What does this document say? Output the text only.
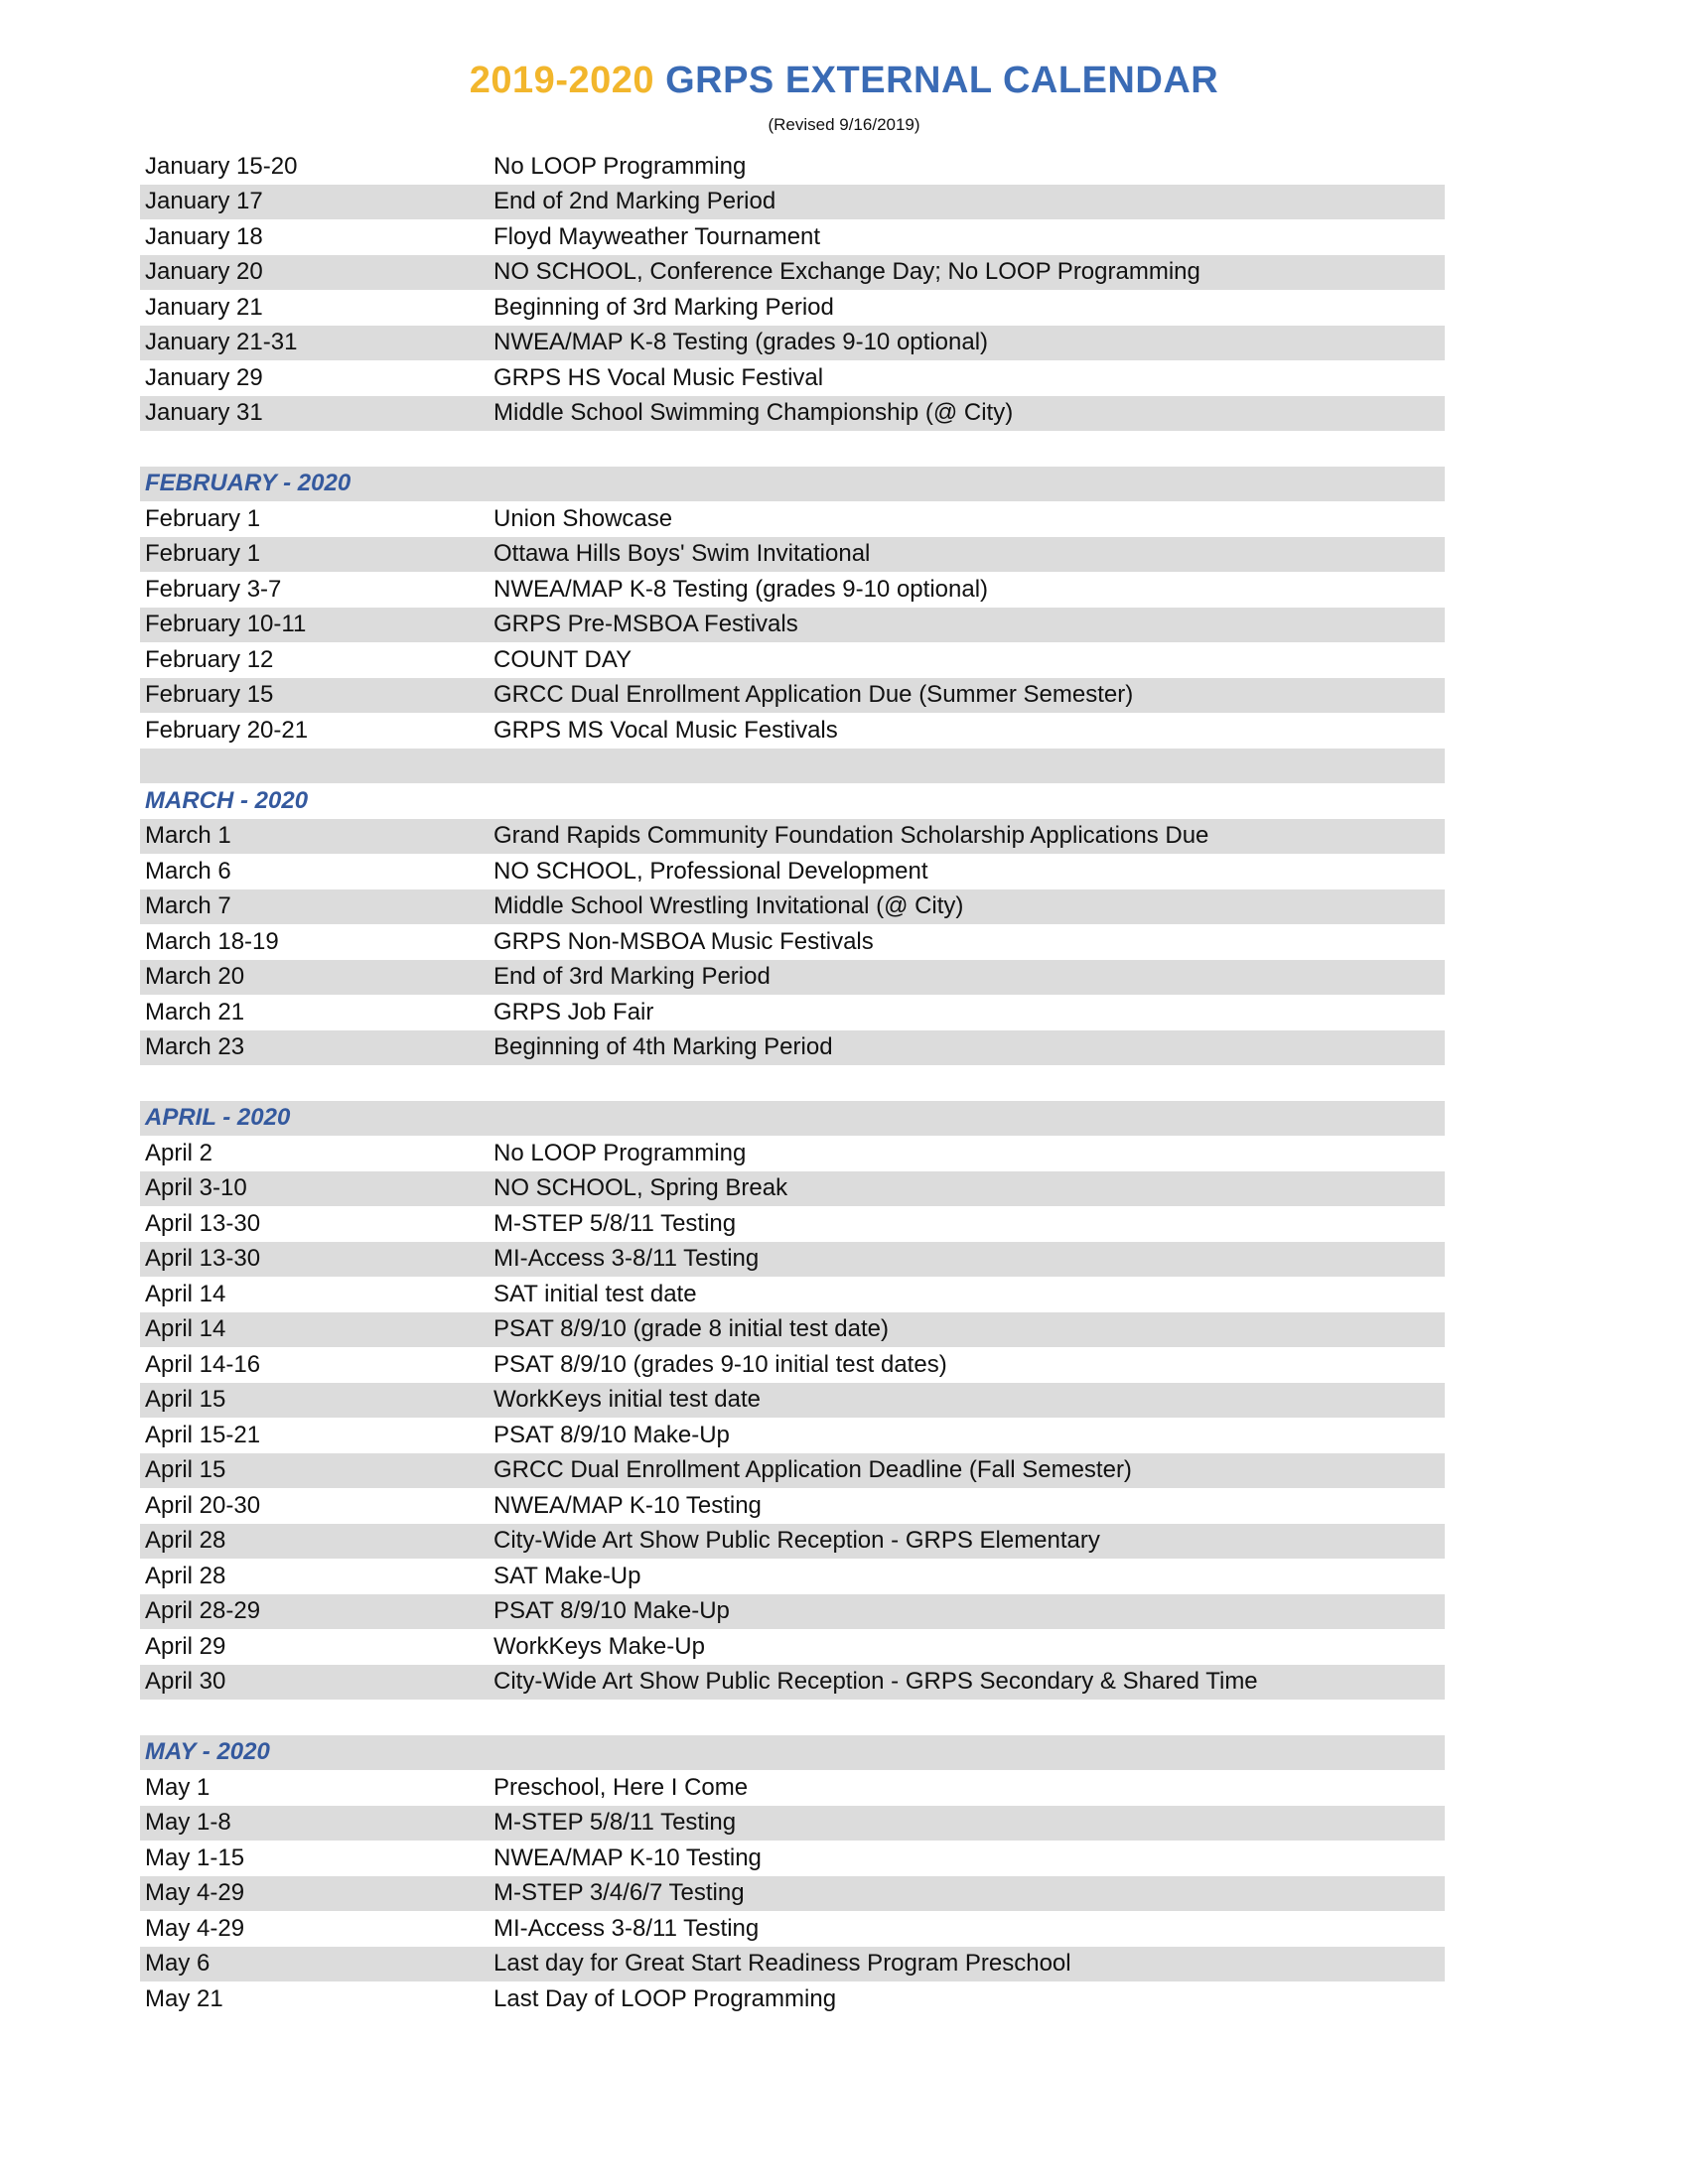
2019-2020 GRPS EXTERNAL CALENDAR
(Revised 9/16/2019)
January 15-20	No LOOP Programming
January 17	End of 2nd Marking Period
January 18	Floyd Mayweather Tournament
January 20	NO SCHOOL, Conference Exchange Day; No LOOP Programming
January 21	Beginning of 3rd Marking Period
January 21-31	NWEA/MAP K-8 Testing (grades 9-10 optional)
January 29	GRPS HS Vocal Music Festival
January 31	Middle School Swimming Championship (@ City)
FEBRUARY - 2020
February 1	Union Showcase
February 1	Ottawa Hills Boys' Swim Invitational
February 3-7	NWEA/MAP K-8 Testing (grades 9-10 optional)
February 10-11	GRPS Pre-MSBOA Festivals
February 12	COUNT DAY
February 15	GRCC Dual Enrollment Application Due (Summer Semester)
February 20-21	GRPS MS Vocal Music Festivals
MARCH - 2020
March 1	Grand Rapids Community Foundation Scholarship Applications Due
March 6	NO SCHOOL, Professional Development
March 7	Middle School Wrestling Invitational (@ City)
March 18-19	GRPS Non-MSBOA Music Festivals
March 20	End of 3rd Marking Period
March 21	GRPS Job Fair
March 23	Beginning of 4th Marking Period
APRIL - 2020
April 2	No LOOP Programming
April 3-10	NO SCHOOL, Spring Break
April 13-30	M-STEP 5/8/11 Testing
April 13-30	MI-Access 3-8/11 Testing
April 14	SAT initial test date
April 14	PSAT 8/9/10 (grade 8 initial test date)
April 14-16	PSAT 8/9/10 (grades 9-10 initial test dates)
April 15	WorkKeys initial test date
April 15-21	PSAT 8/9/10 Make-Up
April 15	GRCC Dual Enrollment Application Deadline (Fall Semester)
April 20-30	NWEA/MAP K-10 Testing
April 28	City-Wide Art Show Public Reception - GRPS Elementary
April 28	SAT Make-Up
April 28-29	PSAT 8/9/10 Make-Up
April 29	WorkKeys Make-Up
April 30	City-Wide Art Show Public Reception - GRPS Secondary & Shared Time
MAY - 2020
May 1	Preschool, Here I Come
May 1-8	M-STEP 5/8/11 Testing
May 1-15	NWEA/MAP K-10 Testing
May 4-29	M-STEP 3/4/6/7 Testing
May 4-29	MI-Access 3-8/11 Testing
May 6	Last day for Great Start Readiness Program Preschool
May 21	Last Day of LOOP Programming
